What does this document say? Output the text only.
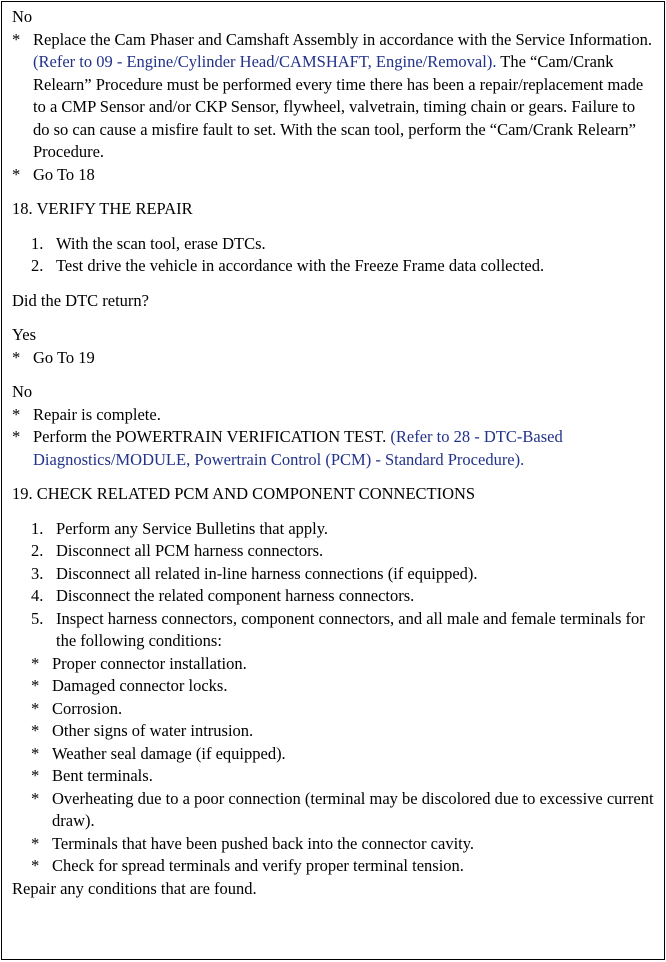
No

* Replace the Cam Phaser and Camshaft Assembly in accordance with the Service Information. (Refer to 09 - Engine/Cylinder Head/CAMSHAFT, Engine/Removal). The “Cam/Crank Relearn” Procedure must be performed every time there has been a repair/replacement made to a CMP Sensor and/or CKP Sensor, flywheel, valvetrain, timing chain or gears. Failure to do so can cause a misfire fault to set. With the scan tool, perform the “Cam/Crank Relearn” Procedure.
* Go To 18

18. VERIFY THE REPAIR

1. With the scan tool, erase DTCs.
2. Test drive the vehicle in accordance with the Freeze Frame data collected.

Did the DTC return?

Yes

* Go To 19

No

* Repair is complete.
* Perform the POWERTRAIN VERIFICATION TEST. (Refer to 28 - DTC-Based Diagnostics/MODULE, Powertrain Control (PCM) - Standard Procedure).

19. CHECK RELATED PCM AND COMPONENT CONNECTIONS

1. Perform any Service Bulletins that apply.
2. Disconnect all PCM harness connectors.
3. Disconnect all related in-line harness connections (if equipped).
4. Disconnect the related component harness connectors.
5. Inspect harness connectors, component connectors, and all male and female terminals for the following conditions:
* Proper connector installation.
* Damaged connector locks.
* Corrosion.
* Other signs of water intrusion.
* Weather seal damage (if equipped).
* Bent terminals.
* Overheating due to a poor connection (terminal may be discolored due to excessive current draw).
* Terminals that have been pushed back into the connector cavity.
* Check for spread terminals and verify proper terminal tension.

Repair any conditions that are found.
